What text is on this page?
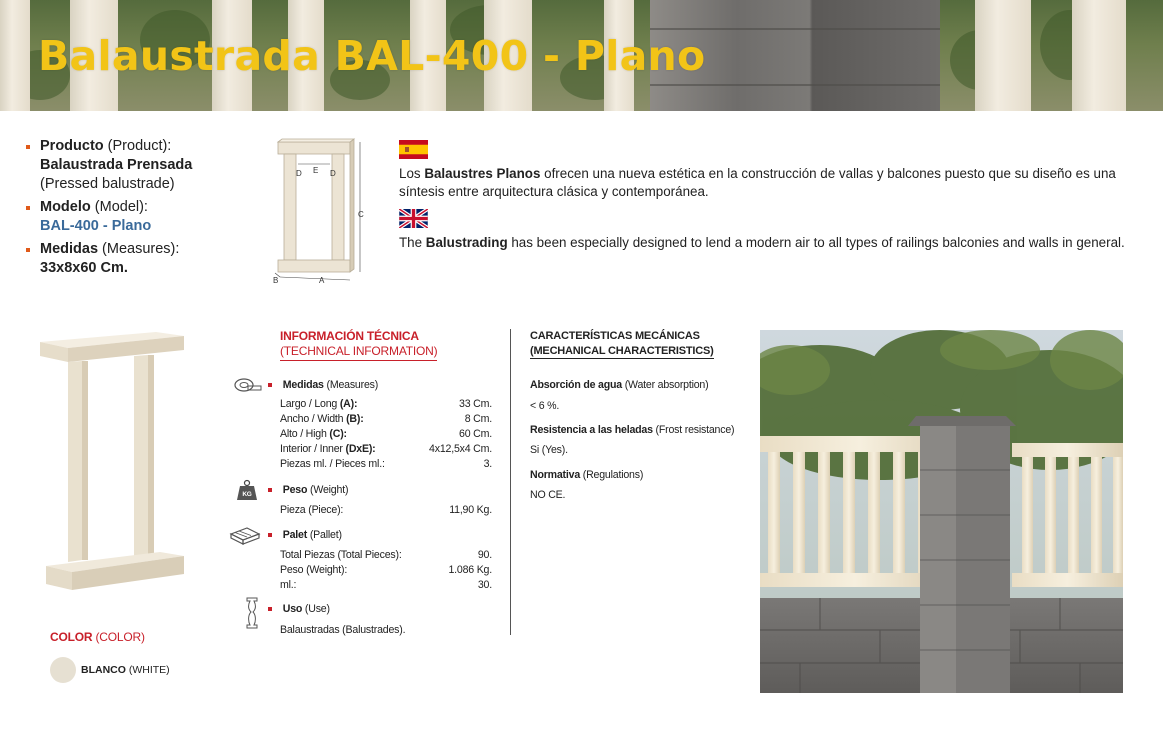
Balaustrada BAL-400 - Plano
Producto (Product):
Balaustrada Prensada
(Pressed balustrade)
Modelo (Model):
BAL-400 - Plano
Medidas (Measures):
33x8x60 Cm.
D E D
C
B	A

Los Balaustres Planos ofrecen una nueva estética en la construcción de vallas y balcones puesto que su diseño es una síntesis entre arquitectura clásica y contemporánea.

The Balustrading has been especially designed to lend a modern air to all types of railings balconies and walls in general.

COLOR (COLOR)
BLANCO (WHITE)
INFORMACIÓN TÉCNICA
(TECHNICAL INFORMATION)
Medidas (Measures)
Largo / Long (A):	33 Cm.
Ancho / Width (B):	8 Cm.
Alto / High (C):	60 Cm.
Interior / Inner (DxE):	4x12,5x4 Cm.
Piezas ml. / Pieces ml.:	3.
KG	Peso (Weight)
Pieza (Piece):	11,90 Kg.
Palet (Pallet)
Total Piezas (Total Pieces):	90.
Peso (Weight):	1.086 Kg.
ml.:	30.
Uso (Use)
Balaustradas (Balustrades).
CARACTERÍSTICAS MECÁNICAS
(MECHANICAL CHARACTERISTICS)
Absorción de agua (Water absorption)
< 6 %.
Resistencia a las heladas (Frost resistance)
Si (Yes).
Normativa (Regulations)
NO CE.
